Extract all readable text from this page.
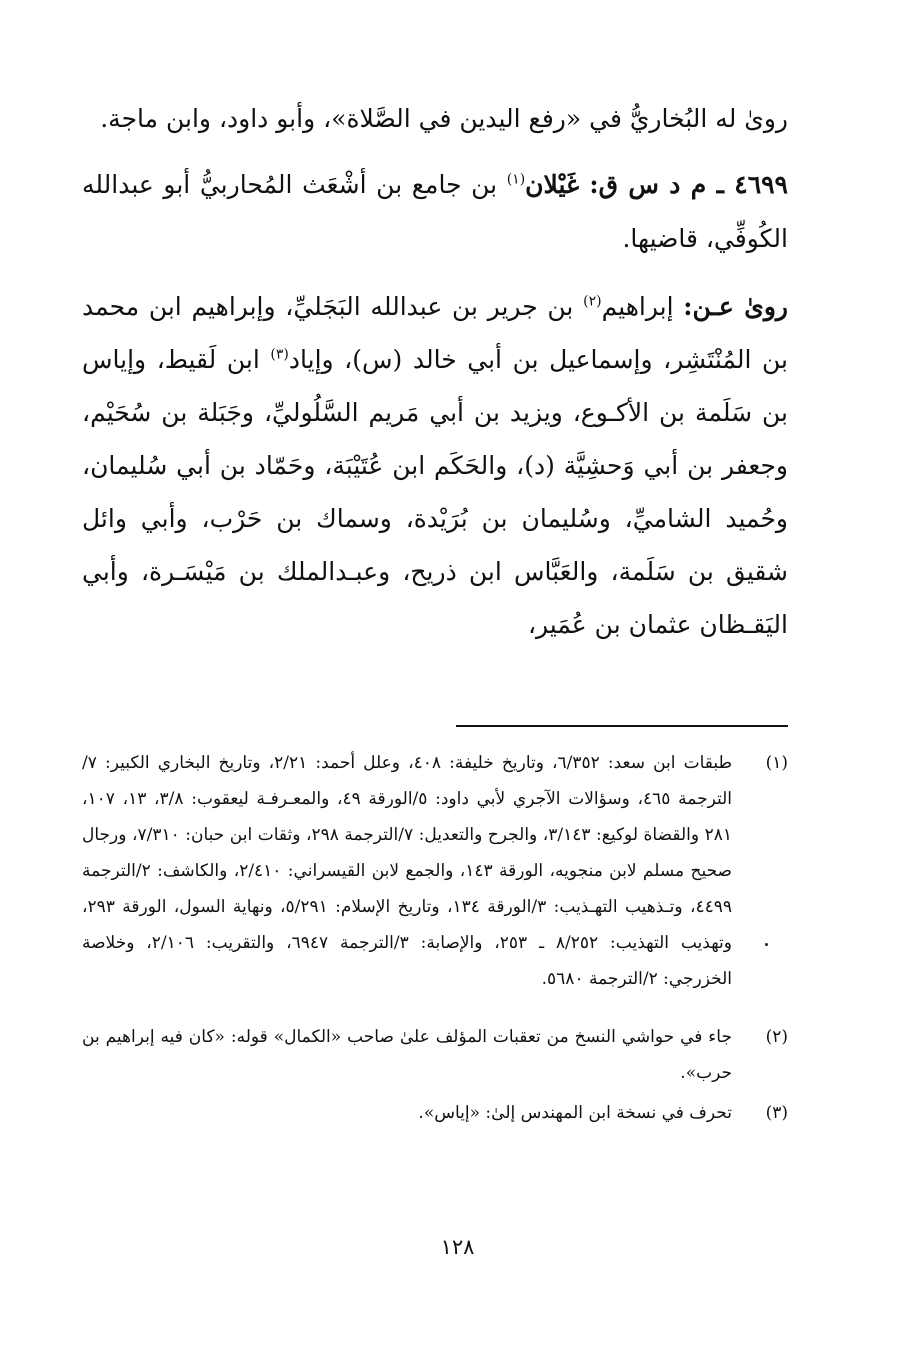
رویٰ له البُخاريُّ في «رفع اليدين في الصَّلاة»، وأبو داود، وابن ماجة.

٤٦٩٩ ـ م د س ق: غَيْلان$^{(١)}$ بن جامع بن أشْعَث المُحاربيُّ أبو عبدالله الكُوفِّي، قاضيها.

رویٰ عـن: إبراهيم$^{(٢)}$ بن جرير بن عبدالله البَجَليِّ، وإبراهيم ابن محمد بن المُنْتَشِر، وإسماعيل بن أبي خالد (س)، وإياد$^{(٣)}$ ابن لَقيط، وإياس بن سَلَمة بن الأكـوع، ويزيد بن أبي مَريم السَّلُوليِّ، وجَبَلة بن سُحَيْم، وجعفر بن أبي وَحشِيَّة (د)، والحَكَم ابن عُتَيْبَة، وحَمّاد بن أبي سُليمان، وحُميد الشاميِّ، وسُليمان بن بُرَيْدة، وسماك بن حَرْب، وأبي وائل شقيق بن سَلَمة، والعَبَّاس ابن ذريح، وعبـدالملك بن مَيْسَـرة، وأبي اليَقـظان عثمان بن عُمَير،

(١)
طبقات ابن سعد: ٦/٣٥٢، وتاريخ خليفة: ٤٠٨، وعلل أحمد: ٢/٢١، وتاريخ البخاري الكبير: ٧/الترجمة ٤٦٥، وسؤالات الآجري لأبي داود: ٥/الورقة ٤٩، والمعـرفـة ليعقوب: ٣/٨، ١٣، ١٠٧، ٢٨١ والقضاة لوكيع: ٣/١٤٣، والجرح والتعديل: ٧/الترجمة ٢٩٨، وثقات ابن حبان: ٧/٣١٠، ورجال صحيح مسلم لابن منجويه، الورقة ١٤٣، والجمع لابن القيسراني: ٢/٤١٠، والكاشف: ٢/الترجمة ٤٤٩٩، وتـذهيب التهـذيب: ٣/الورقة ١٣٤، وتاريخ الإسلام: ٥/٢٩١، ونهاية السول، الورقة ٢٩٣، وتهذيب التهذيب: ٨/٢٥٢ ـ ٢٥٣، والإصابة: ٣/الترجمة ٦٩٤٧، والتقريب: ٢/١٠٦، وخلاصة الخزرجي: ٢/الترجمة ٥٦٨٠.
(٢)
جاء في حواشي النسخ من تعقبات المؤلف علىٰ صاحب «الكمال» قوله: «كان فيه إبراهيم بن حرب».
(٣)
تحرف في نسخة ابن المهندس إلىٰ: «إياس».
١٢٨
